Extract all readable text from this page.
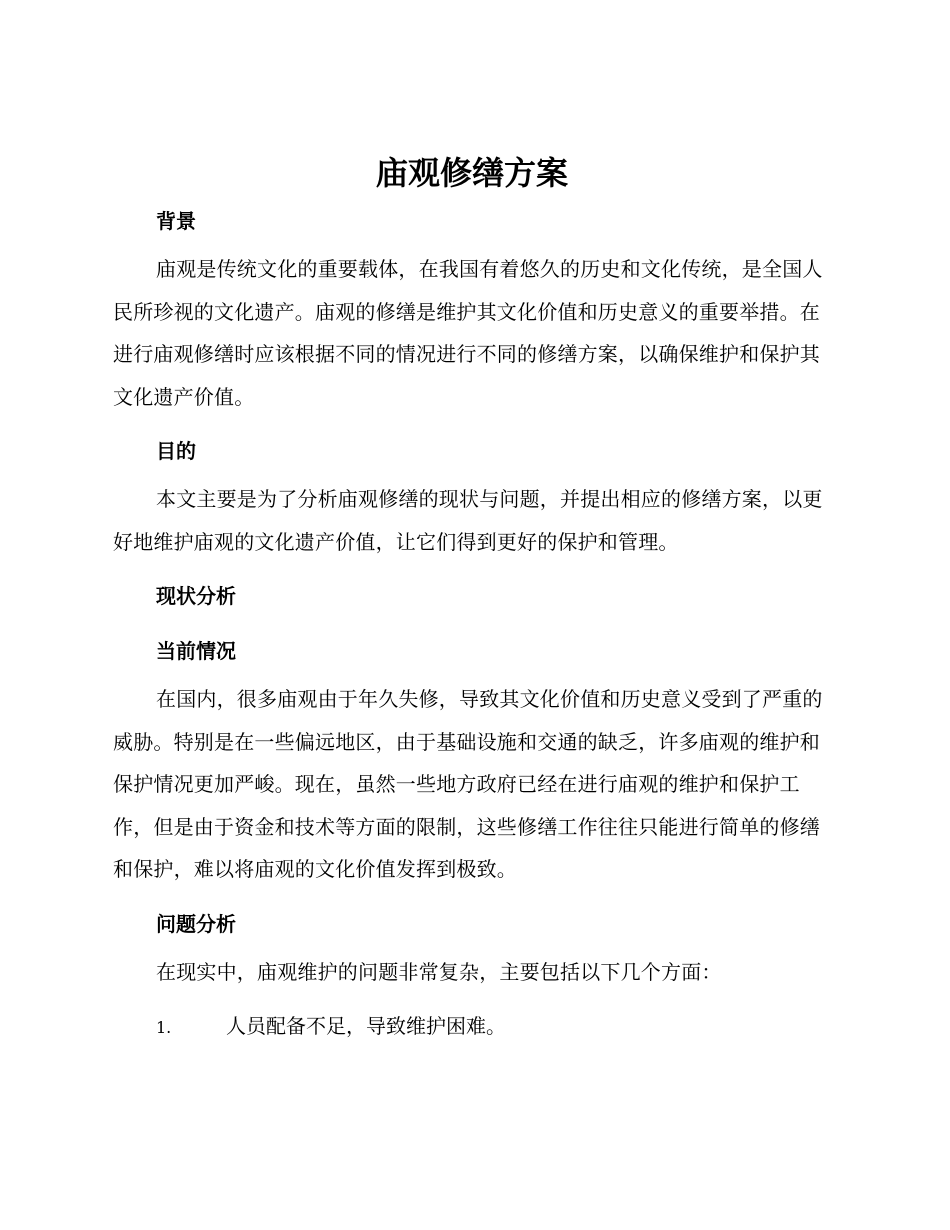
庙观修缮方案
背景

庙观是传统文化的重要载体，在我国有着悠久的历史和文化传统，是全国人民所珍视的文化遗产。庙观的修缮是维护其文化价值和历史意义的重要举措。在进行庙观修缮时应该根据不同的情况进行不同的修缮方案，以确保维护和保护其文化遗产价值。

目的

本文主要是为了分析庙观修缮的现状与问题，并提出相应的修缮方案，以更好地维护庙观的文化遗产价值，让它们得到更好的保护和管理。

现状分析
当前情况

在国内，很多庙观由于年久失修，导致其文化价值和历史意义受到了严重的威胁。特别是在一些偏远地区，由于基础设施和交通的缺乏，许多庙观的维护和保护情况更加严峻。现在，虽然一些地方政府已经在进行庙观的维护和保护工作，但是由于资金和技术等方面的限制，这些修缮工作往往只能进行简单的修缮和保护，难以将庙观的文化价值发挥到极致。

问题分析

在现实中，庙观维护的问题非常复杂，主要包括以下几个方面：

1.	人员配备不足，导致维护困难。
